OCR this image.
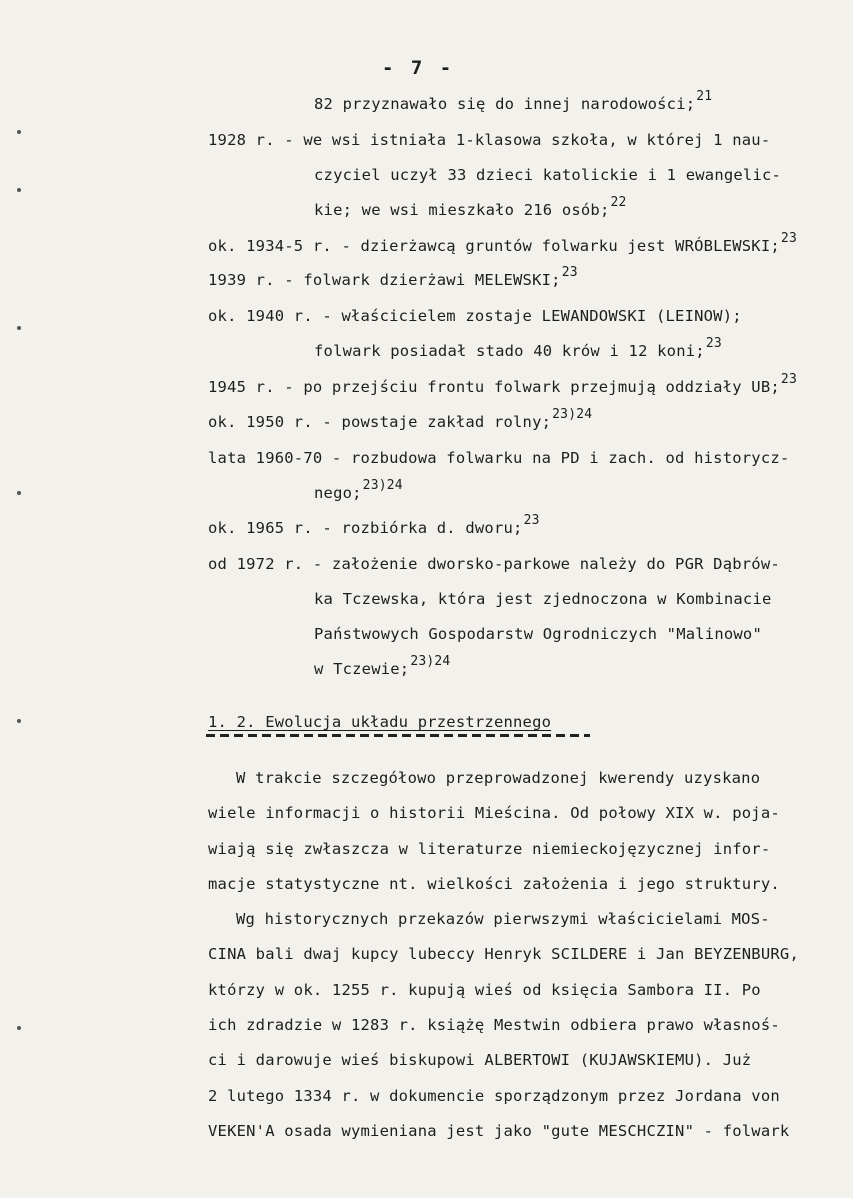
- 7 -
82 przyznawało się do innej narodowości;$^{21}$
1928 r. - we wsi istniała 1-klasowa szkoła, w której 1 nau-
czyciel uczył 33 dzieci katolickie i 1 ewangelic-
kie; we wsi mieszkało 216 osób;$^{22}$
ok. 1934-5 r. - dzierżawcą gruntów folwarku jest WRÓBLEWSKI;$^{23}$
1939 r. - folwark dzierżawi MELEWSKI;$^{23}$
ok. 1940 r. - właścicielem zostaje LEWANDOWSKI (LEINOW);
folwark posiadał stado 40 krów i 12 koni;$^{23}$
1945 r. - po przejściu frontu folwark przejmują oddziały UB;$^{23}$
ok. 1950 r. - powstaje zakład rolny;$^{23)24}$
lata 1960-70 - rozbudowa folwarku na PD i zach. od historycz-
nego;$^{23)24}$
ok. 1965 r. - rozbiórka d. dworu;$^{23}$
od 1972 r. - założenie dworsko-parkowe należy do PGR Dąbrów-
ka Tczewska, która jest zjednoczona w Kombinacie
Państwowych Gospodarstw Ogrodniczych "Malinowo"
w Tczewie;$^{23)24}$
1. 2. Ewolucja układu przestrzennego
W trakcie szczegółowo przeprowadzonej kwerendy uzyskano
wiele informacji o historii Mieścina. Od połowy XIX w. poja-
wiają się zwłaszcza w literaturze niemieckojęzycznej infor-
macje statystyczne nt. wielkości założenia i jego struktury.
Wg historycznych przekazów pierwszymi właścicielami MOS-
CINA bali dwaj kupcy lubeccy Henryk SCILDERE i Jan BEYZENBURG,
którzy w ok. 1255 r. kupują wieś od księcia Sambora II. Po
ich zdradzie w 1283 r. książę Mestwin odbiera prawo własnoś-
ci i darowuje wieś biskupowi ALBERTOWI (KUJAWSKIEMU). Już
2 lutego 1334 r. w dokumencie sporządzonym przez Jordana von
VEKEN'A osada wymieniana jest jako "gute MESCHCZIN" - folwark
